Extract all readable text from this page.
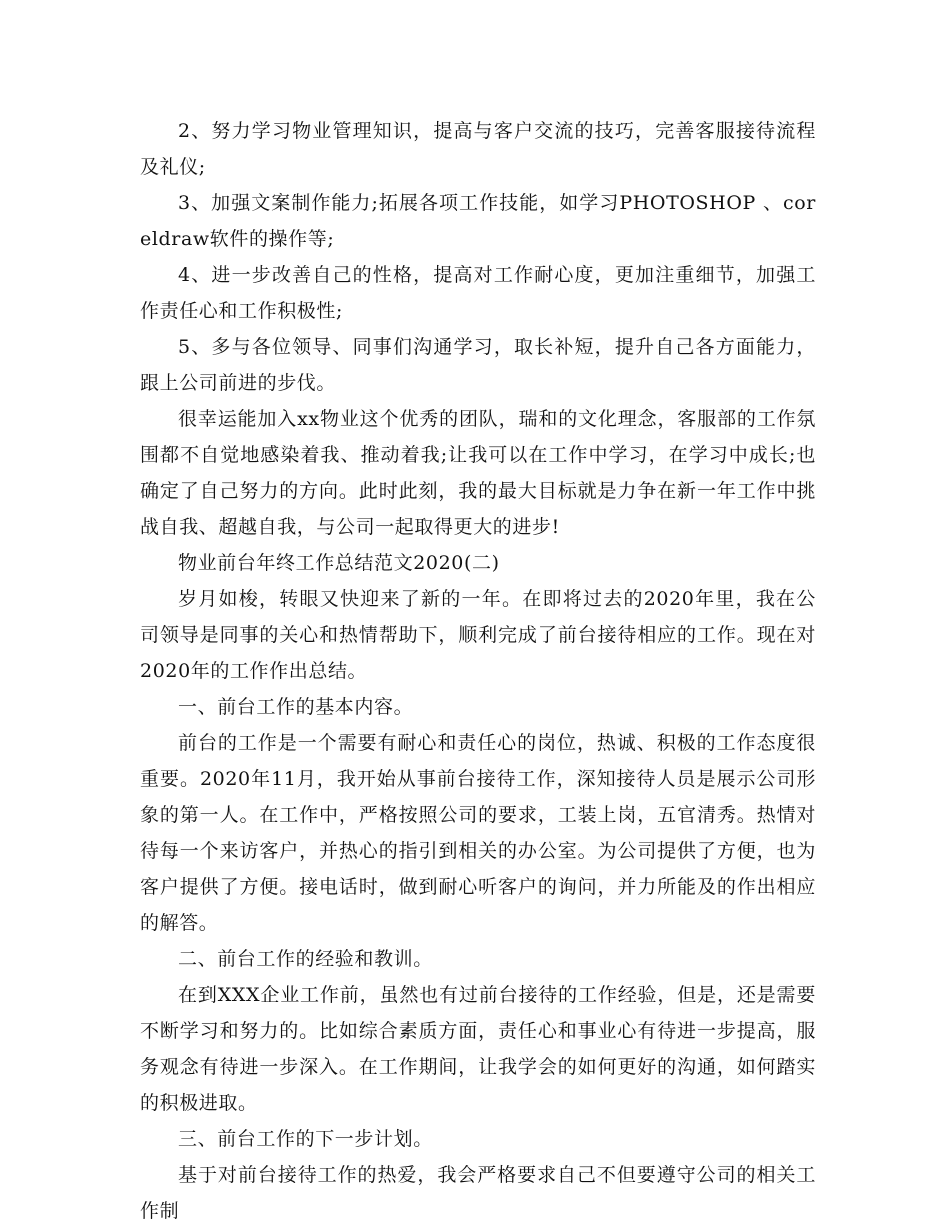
2、努力学习物业管理知识，提高与客户交流的技巧，完善客服接待流程及礼仪;

3、加强文案制作能力;拓展各项工作技能，如学习PHOTOSHOP 、coreldraw软件的操作等;

4、进一步改善自己的性格，提高对工作耐心度，更加注重细节，加强工作责任心和工作积极性;

5、多与各位领导、同事们沟通学习，取长补短，提升自己各方面能力，跟上公司前进的步伐。

很幸运能加入xx物业这个优秀的团队，瑞和的文化理念，客服部的工作氛围都不自觉地感染着我、推动着我;让我可以在工作中学习，在学习中成长;也确定了自己努力的方向。此时此刻，我的最大目标就是力争在新一年工作中挑战自我、超越自我，与公司一起取得更大的进步!

物业前台年终工作总结范文2020(二)

岁月如梭，转眼又快迎来了新的一年。在即将过去的2020年里，我在公司领导是同事的关心和热情帮助下，顺利完成了前台接待相应的工作。现在对2020年的工作作出总结。

一、前台工作的基本内容。

前台的工作是一个需要有耐心和责任心的岗位，热诚、积极的工作态度很重要。2020年11月，我开始从事前台接待工作，深知接待人员是展示公司形象的第一人。在工作中，严格按照公司的要求，工装上岗，五官清秀。热情对待每一个来访客户，并热心的指引到相关的办公室。为公司提供了方便，也为客户提供了方便。接电话时，做到耐心听客户的询问，并力所能及的作出相应的解答。

二、前台工作的经验和教训。

在到XXX企业工作前，虽然也有过前台接待的工作经验，但是，还是需要不断学习和努力的。比如综合素质方面，责任心和事业心有待进一步提高，服务观念有待进一步深入。在工作期间，让我学会的如何更好的沟通，如何踏实的积极进取。

三、前台工作的下一步计划。

基于对前台接待工作的热爱，我会严格要求自己不但要遵守公司的相关工作制
